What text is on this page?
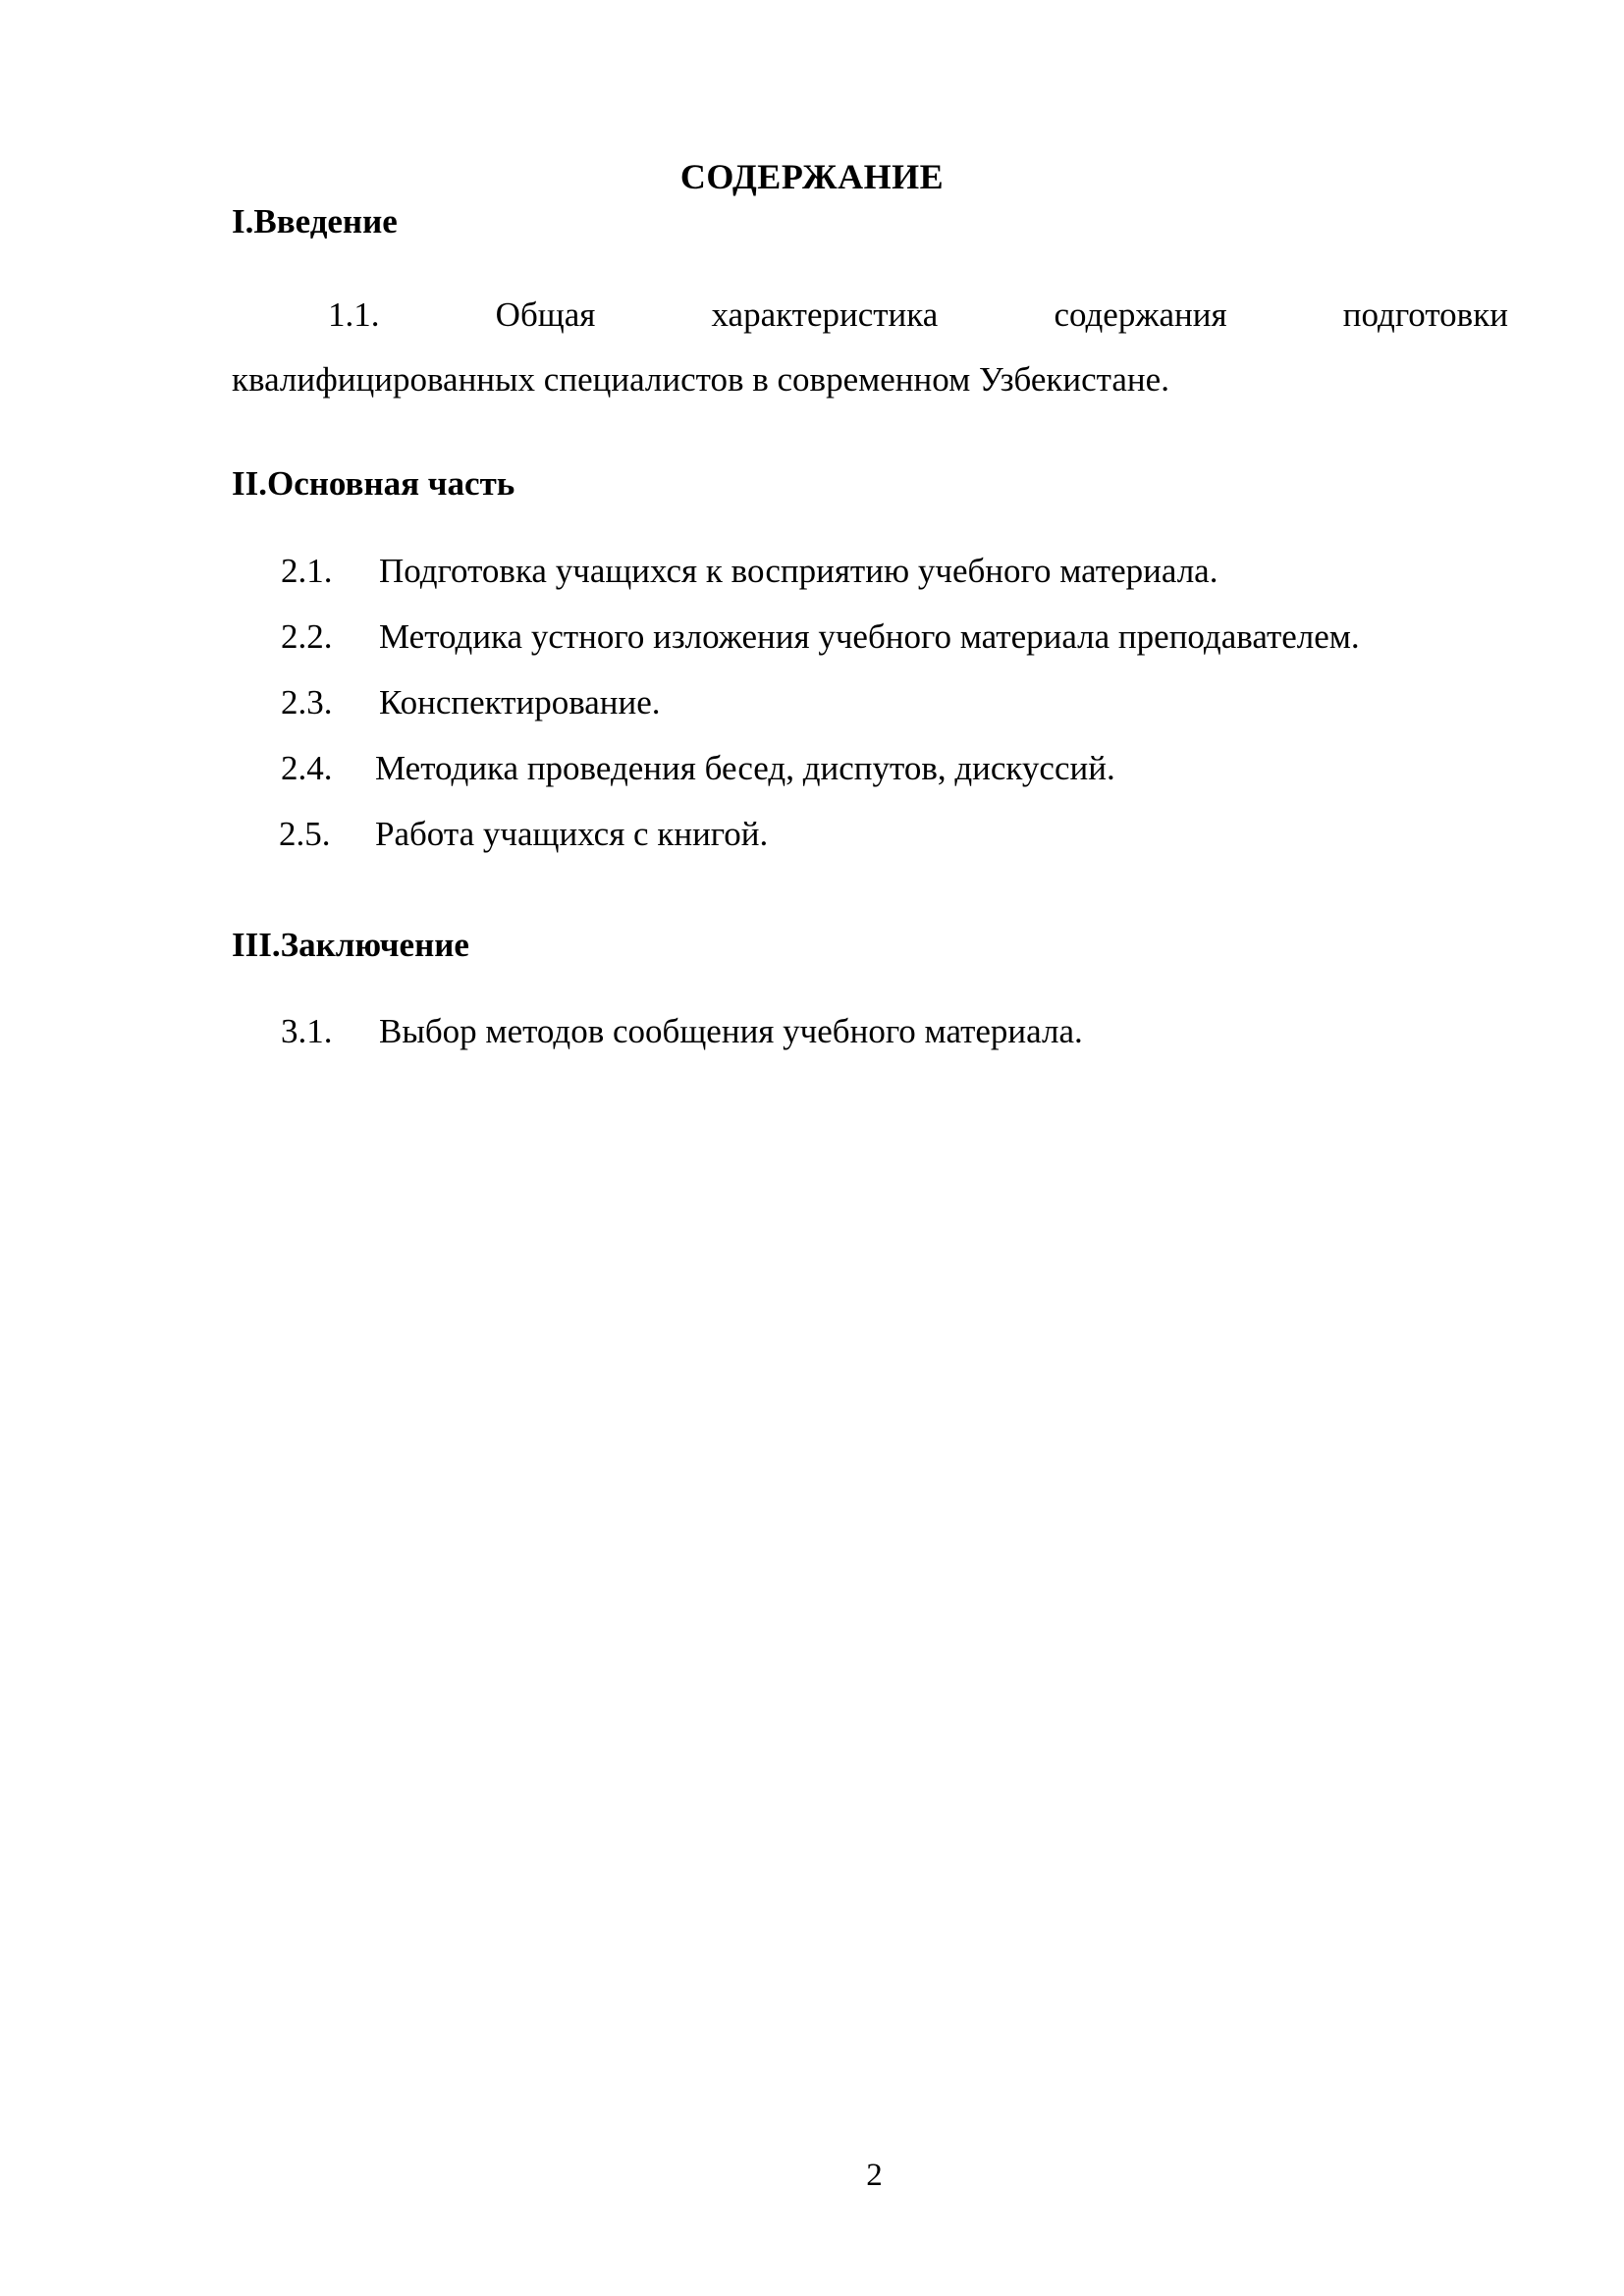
СОДЕРЖАНИЕ
I.Введение
1.1.	Общая	характеристика	содержания	подготовки
квалифицированных специалистов в современном Узбекистане.
II.Основная часть
2.1. Подготовка учащихся к восприятию учебного материала.
2.2. Методика устного изложения учебного материала преподавателем.
2.3. Конспектирование.
2.4. Методика проведения бесед, диспутов, дискуссий.
2.5. Работа учащихся с книгой.
III.Заключение
3.1. Выбор методов сообщения учебного материала.
2
